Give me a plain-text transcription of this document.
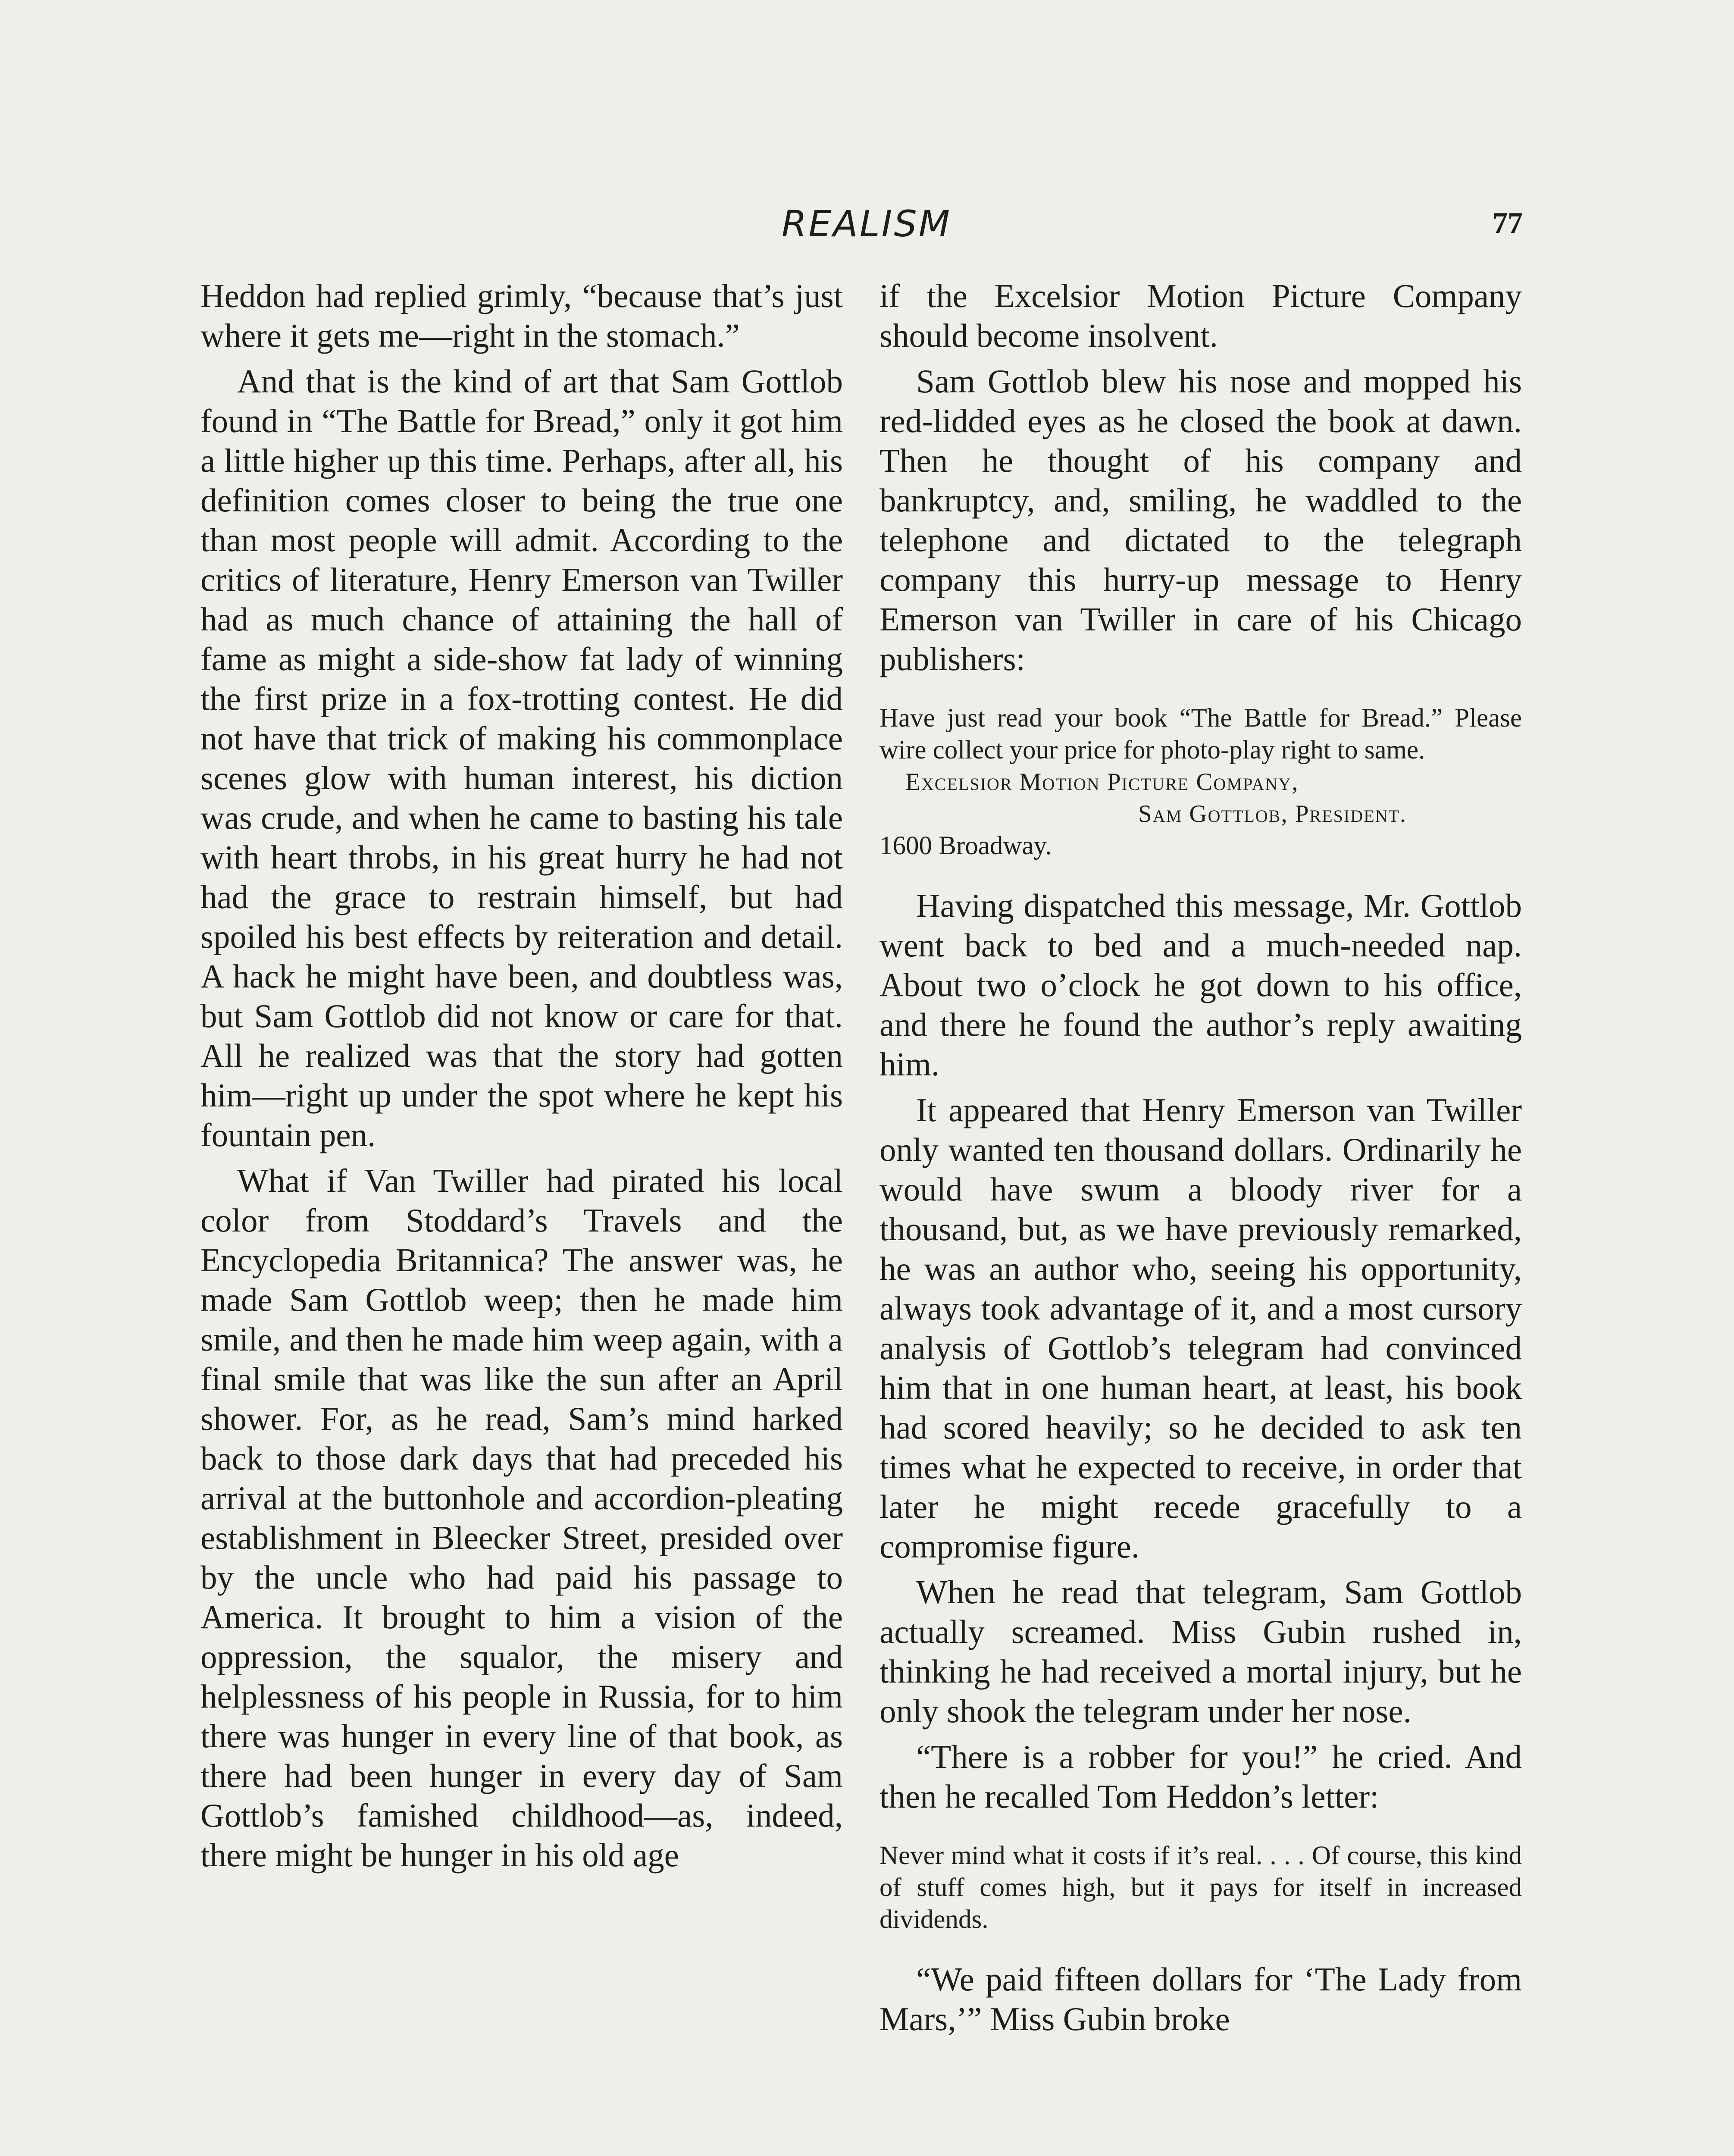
REALISM	77

Heddon had replied grimly, “because that’s just where it gets me—right in the stomach.”

And that is the kind of art that Sam Gottlob found in “The Battle for Bread,” only it got him a little higher up this time. Perhaps, after all, his definition comes closer to being the true one than most people will admit. According to the critics of literature, Henry Emerson van Twiller had as much chance of attaining the hall of fame as might a side-show fat lady of winning the first prize in a fox-trotting contest. He did not have that trick of making his commonplace scenes glow with human interest, his diction was crude, and when he came to basting his tale with heart throbs, in his great hurry he had not had the grace to restrain himself, but had spoiled his best effects by reiteration and detail. A hack he might have been, and doubtless was, but Sam Gottlob did not know or care for that. All he realized was that the story had gotten him—right up under the spot where he kept his fountain pen.

What if Van Twiller had pirated his local color from Stoddard’s Travels and the Encyclopedia Britannica? The answer was, he made Sam Gottlob weep; then he made him smile, and then he made him weep again, with a final smile that was like the sun after an April shower. For, as he read, Sam’s mind harked back to those dark days that had preceded his arrival at the buttonhole and accordion-pleating establishment in Bleecker Street, presided over by the uncle who had paid his passage to America. It brought to him a vision of the oppression, the squalor, the misery and helplessness of his people in Russia, for to him there was hunger in every line of that book, as there had been hunger in every day of Sam Gottlob’s famished childhood—as, indeed, there might be hunger in his old age

if the Excelsior Motion Picture Company should become insolvent.

Sam Gottlob blew his nose and mopped his red-lidded eyes as he closed the book at dawn. Then he thought of his company and bankruptcy, and, smiling, he waddled to the telephone and dictated to the telegraph company this hurry-up message to Henry Emerson van Twiller in care of his Chicago publishers:

Have just read your book “The Battle for Bread.” Please wire collect your price for photo-play right to same.
Excelsior Motion Picture Company,
Sam Gottlob, President.
1600 Broadway.

Having dispatched this message, Mr. Gottlob went back to bed and a much-needed nap. About two o’clock he got down to his office, and there he found the author’s reply awaiting him.

It appeared that Henry Emerson van Twiller only wanted ten thousand dollars. Ordinarily he would have swum a bloody river for a thousand, but, as we have previously remarked, he was an author who, seeing his opportunity, always took advantage of it, and a most cursory analysis of Gottlob’s telegram had convinced him that in one human heart, at least, his book had scored heavily; so he decided to ask ten times what he expected to receive, in order that later he might recede gracefully to a compromise figure.

When he read that telegram, Sam Gottlob actually screamed. Miss Gubin rushed in, thinking he had received a mortal injury, but he only shook the telegram under her nose.

“There is a robber for you!” he cried. And then he recalled Tom Heddon’s letter:

Never mind what it costs if it’s real. . . . Of course, this kind of stuff comes high, but it pays for itself in increased dividends.

“We paid fifteen dollars for ‘The Lady from Mars,’” Miss Gubin broke
